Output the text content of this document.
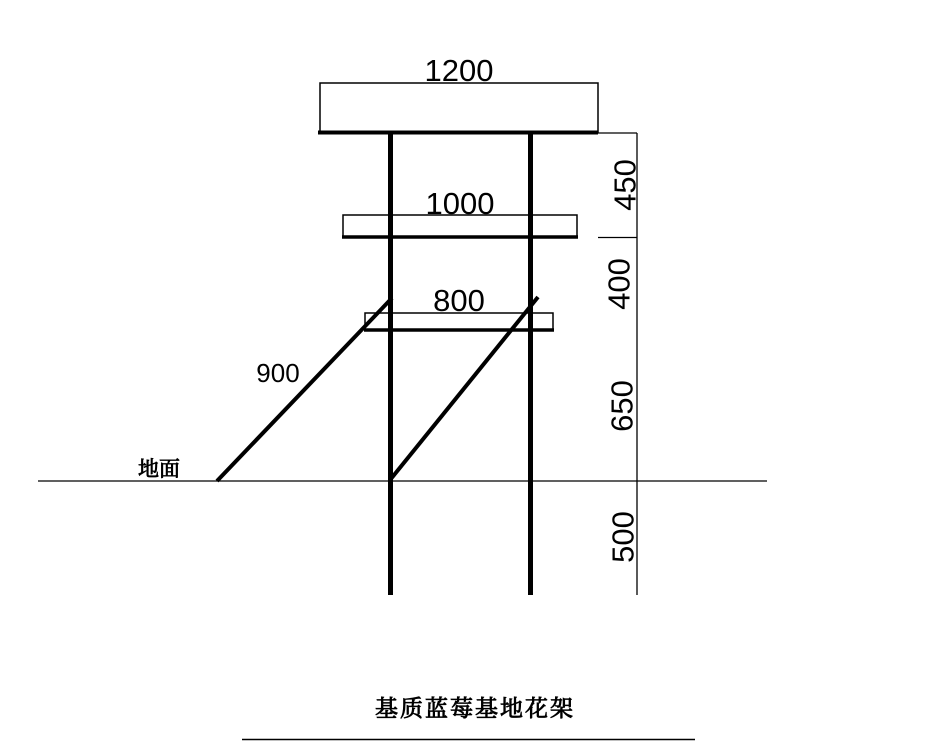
1200
1000
800
900
450
400
650
500
地面
基质蓝莓基地花架
